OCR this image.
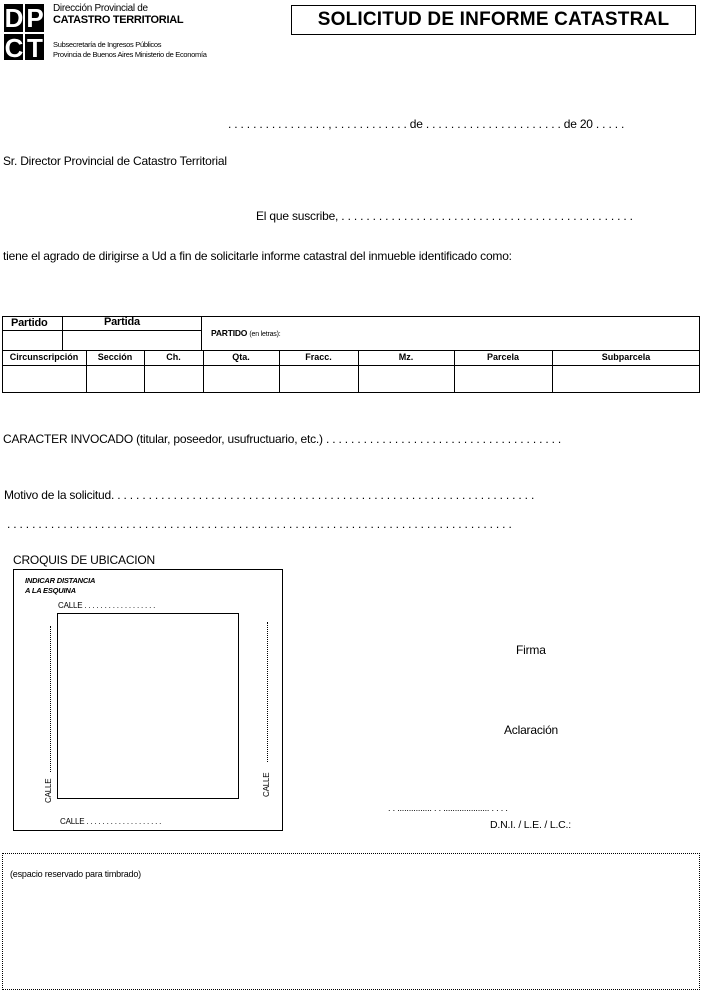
D P
C T
Dirección Provincial de
CATASTRO TERRITORIAL
Subsecretaría de Ingresos Públicos
Provincia de Buenos Aires Ministerio de Economía
SOLICITUD DE INFORME CATASTRAL
. . . . . . . . . . . . . . . . , . . . . . . . . . . . . de . . . . . . . . . . . . . . . . . . . . . . de 20 . . . . .
Sr. Director Provincial de Catastro Territorial
El que suscribe, . . . . . . . . . . . . . . . . . . . . . . . . . . . . . . . . . . . . . . . . . . . . . . .
tiene el agrado de dirigirse a Ud a fin de solicitarle informe catastral del inmueble identificado como:
Partido	Partida
PARTIDO (en letras):
Circunscripción	Sección	Ch.	Qta.	Fracc.	Mz.	Parcela	Subparcela
CARACTER INVOCADO (titular, poseedor, usufructuario, etc.) . . . . . . . . . . . . . . . . . . . . . . . . . . . . . . . . . . . . . .
Motivo de la solicitud. . . . . . . . . . . . . . . . . . . . . . . . . . . . . . . . . . . . . . . . . . . . . . . . . . . . . . . . . . . . . . . . . . . .
. . . . . . . . . . . . . . . . . . . . . . . . . . . . . . . . . . . . . . . . . . . . . . . . . . . . . . . . . . . . . . . . . . . . . . . . . . . . . . . . .
CROQUIS DE UBICACION
INDICAR DISTANCIA
A LA ESQUINA
CALLE . . . . . . . . . . . . . . . . . .
CALLE	CALLE
CALLE . . . . . . . . . . . . . . . . . . .
Firma
Aclaración
. . ............... . . .................... . . . .
D.N.I. / L.E. / L.C.:
(espacio reservado para timbrado)
